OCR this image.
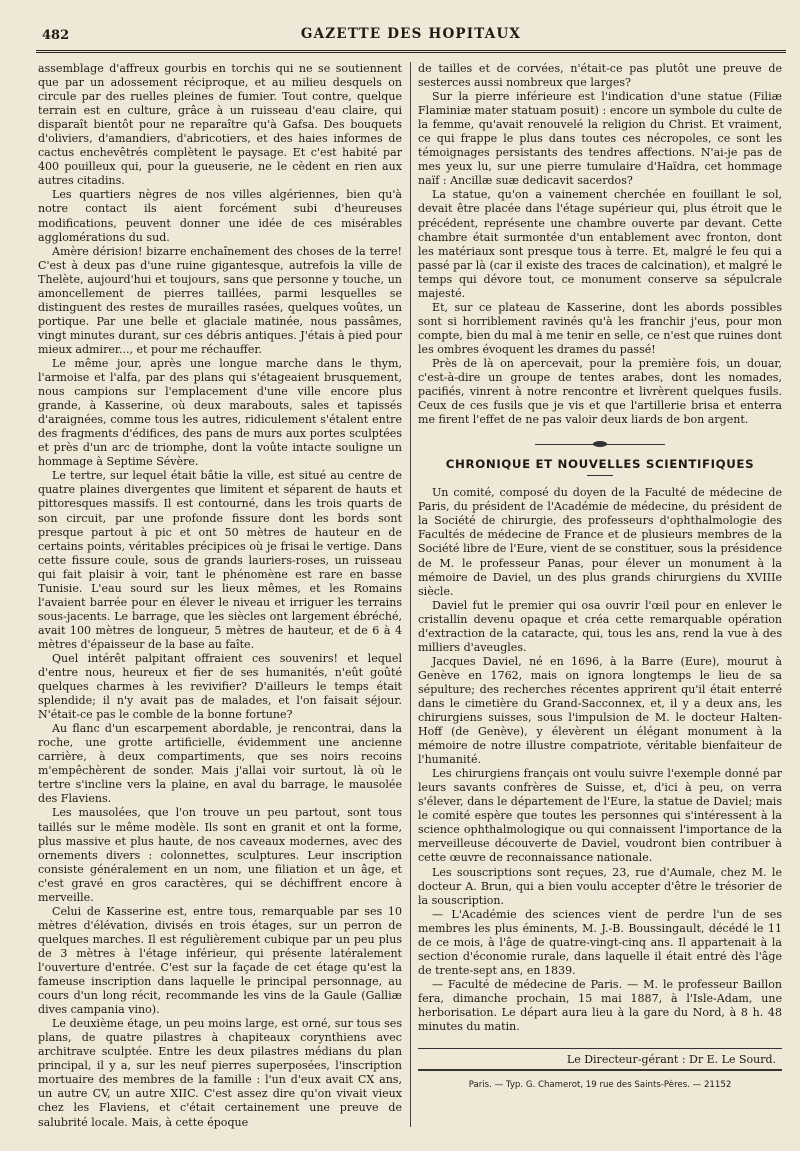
482	GAZETTE DES HOPITAUX

assemblage d'affreux gourbis en torchis qui ne se soutiennent que par un adossement réciproque, et au milieu desquels on circule par des ruelles pleines de fumier. Tout contre, quelque terrain est en culture, grâce à un ruisseau d'eau claire, qui disparaît bientôt pour ne reparaître qu'à Gafsa. Des bouquets d'oliviers, d'amandiers, d'abricotiers, et des haies informes de cactus enchevêtrés complètent le paysage. Et c'est habité par 400 pouilleux qui, pour la gueuserie, ne le cèdent en rien aux autres citadins.

Les quartiers nègres de nos villes algériennes, bien qu'à notre contact ils aient forcément subi d'heureuses modifications, peuvent donner une idée de ces misérables agglomérations du sud.

Amère dérision! bizarre enchaînement des choses de la terre! C'est à deux pas d'une ruine gigantesque, autrefois la ville de Thelète, aujourd'hui et toujours, sans que personne y touche, un amoncellement de pierres taillées, parmi lesquelles se distinguent des restes de murailles rasées, quelques voûtes, un portique. Par une belle et glaciale matinée, nous passâmes, vingt minutes durant, sur ces débris antiques. J'étais à pied pour mieux admirer..., et pour me réchauffer.

Le même jour, après une longue marche dans le thym, l'armoise et l'alfa, par des plans qui s'étageaient brusquement, nous campions sur l'emplacement d'une ville encore plus grande, à Kasserine, où deux marabouts, sales et tapissés d'araignées, comme tous les autres, ridiculement s'étalent entre des fragments d'édifices, des pans de murs aux portes sculptées et près d'un arc de triomphe, dont la voûte intacte souligne un hommage à Septime Sévère.

Le tertre, sur lequel était bâtie la ville, est situé au centre de quatre plaines divergentes que limitent et séparent de hauts et pittoresques massifs. Il est contourné, dans les trois quarts de son circuit, par une profonde fissure dont les bords sont presque partout à pic et ont 50 mètres de hauteur en de certains points, véritables précipices où je frisai le vertige. Dans cette fissure coule, sous de grands lauriers-roses, un ruisseau qui fait plaisir à voir, tant le phénomène est rare en basse Tunisie. L'eau sourd sur les lieux mêmes, et les Romains l'avaient barrée pour en élever le niveau et irriguer les terrains sous-jacents. Le barrage, que les siècles ont largement ébréché, avait 100 mètres de longueur, 5 mètres de hauteur, et de 6 à 4 mètres d'épaisseur de la base au faîte.

Quel intérêt palpitant offraient ces souvenirs! et lequel d'entre nous, heureux et fier de ses humanités, n'eût goûté quelques charmes à les revivifier? D'ailleurs le temps était splendide; il n'y avait pas de malades, et l'on faisait séjour. N'était-ce pas le comble de la bonne fortune?

Au flanc d'un escarpement abordable, je rencontrai, dans la roche, une grotte artificielle, évidemment une ancienne carrière, à deux compartiments, que ses noirs recoins m'empêchèrent de sonder. Mais j'allai voir surtout, là où le tertre s'incline vers la plaine, en aval du barrage, le mausolée des Flaviens.

Les mausolées, que l'on trouve un peu partout, sont tous taillés sur le même modèle. Ils sont en granit et ont la forme, plus massive et plus haute, de nos caveaux modernes, avec des ornements divers : colonnettes, sculptures. Leur inscription consiste généralement en un nom, une filiation et un âge, et c'est gravé en gros caractères, qui se déchiffrent encore à merveille.

Celui de Kasserine est, entre tous, remarquable par ses 10 mètres d'élévation, divisés en trois étages, sur un perron de quelques marches. Il est régulièrement cubique par un peu plus de 3 mètres à l'étage inférieur, qui présente latéralement l'ouverture d'entrée. C'est sur la façade de cet étage qu'est la fameuse inscription dans laquelle le principal personnage, au cours d'un long récit, recommande les vins de la Gaule (Galliæ dives campania vino).

Le deuxième étage, un peu moins large, est orné, sur tous ses plans, de quatre pilastres à chapiteaux corynthiens avec architrave sculptée. Entre les deux pilastres médians du plan principal, il y a, sur les neuf pierres superposées, l'inscription mortuaire des membres de la famille : l'un d'eux avait CX ans, un autre CV, un autre XIIC. C'est assez dire qu'on vivait vieux chez les Flaviens, et c'était certainement une preuve de salubrité locale. Mais, à cette époque

de tailles et de corvées, n'était-ce pas plutôt une preuve de sesterces aussi nombreux que larges?

Sur la pierre inférieure est l'indication d'une statue (Filiæ Flaminiæ mater statuam posuit) : encore un symbole du culte de la femme, qu'avait renouvelé la religion du Christ. Et vraiment, ce qui frappe le plus dans toutes ces nécropoles, ce sont les témoignages persistants des tendres affections. N'ai-je pas de mes yeux lu, sur une pierre tumulaire d'Haïdra, cet hommage naïf : Ancillæ suæ dedicavit sacerdos?

La statue, qu'on a vainement cherchée en fouillant le sol, devait être placée dans l'étage supérieur qui, plus étroit que le précédent, représente une chambre ouverte par devant. Cette chambre était surmontée d'un entablement avec fronton, dont les matériaux sont presque tous à terre. Et, malgré le feu qui a passé par là (car il existe des traces de calcination), et malgré le temps qui dévore tout, ce monument conserve sa sépulcrale majesté.

Et, sur ce plateau de Kasserine, dont les abords possibles sont si horriblement ravinés qu'à les franchir j'eus, pour mon compte, bien du mal à me tenir en selle, ce n'est que ruines dont les ombres évoquent les drames du passé!

Près de là on apercevait, pour la première fois, un douar, c'est-à-dire un groupe de tentes arabes, dont les nomades, pacifiés, vinrent à notre rencontre et livrèrent quelques fusils. Ceux de ces fusils que je vis et que l'artillerie brisa et enterra me firent l'effet de ne pas valoir deux liards de bon argent.

CHRONIQUE ET NOUVELLES SCIENTIFIQUES

Un comité, composé du doyen de la Faculté de médecine de Paris, du président de l'Académie de médecine, du président de la Société de chirurgie, des professeurs d'ophthalmologie des Facultés de médecine de France et de plusieurs membres de la Société libre de l'Eure, vient de se constituer, sous la présidence de M. le professeur Panas, pour élever un monument à la mémoire de Daviel, un des plus grands chirurgiens du XVIIIe siècle.

Daviel fut le premier qui osa ouvrir l'œil pour en enlever le cristallin devenu opaque et créa cette remarquable opération d'extraction de la cataracte, qui, tous les ans, rend la vue à des milliers d'aveugles.

Jacques Daviel, né en 1696, à la Barre (Eure), mourut à Genève en 1762, mais on ignora longtemps le lieu de sa sépulture; des recherches récentes apprirent qu'il était enterré dans le cimetière du Grand-Sacconnex, et, il y a deux ans, les chirurgiens suisses, sous l'impulsion de M. le docteur Halten-Hoff (de Genève), y élevèrent un élégant monument à la mémoire de notre illustre compatriote, véritable bienfaiteur de l'humanité.

Les chirurgiens français ont voulu suivre l'exemple donné par leurs savants confrères de Suisse, et, d'ici à peu, on verra s'élever, dans le département de l'Eure, la statue de Daviel; mais le comité espère que toutes les personnes qui s'intéressent à la science ophthalmologique ou qui connaissent l'importance de la merveilleuse découverte de Daviel, voudront bien contribuer à cette œuvre de reconnaissance nationale.

Les souscriptions sont reçues, 23, rue d'Aumale, chez M. le docteur A. Brun, qui a bien voulu accepter d'être le trésorier de la souscription.

— L'Académie des sciences vient de perdre l'un de ses membres les plus éminents, M. J.-B. Boussingault, décédé le 11 de ce mois, à l'âge de quatre-vingt-cinq ans. Il appartenait à la section d'économie rurale, dans laquelle il était entré dès l'âge de trente-sept ans, en 1839.

— Faculté de médecine de Paris. — M. le professeur Baillon fera, dimanche prochain, 15 mai 1887, à l'Isle-Adam, une herborisation. Le départ aura lieu à la gare du Nord, à 8 h. 48 minutes du matin.

Le Directeur-gérant : Dr E. Le Sourd.
Paris. — Typ. G. Chamerot, 19 rue des Saints-Pères. — 21152
